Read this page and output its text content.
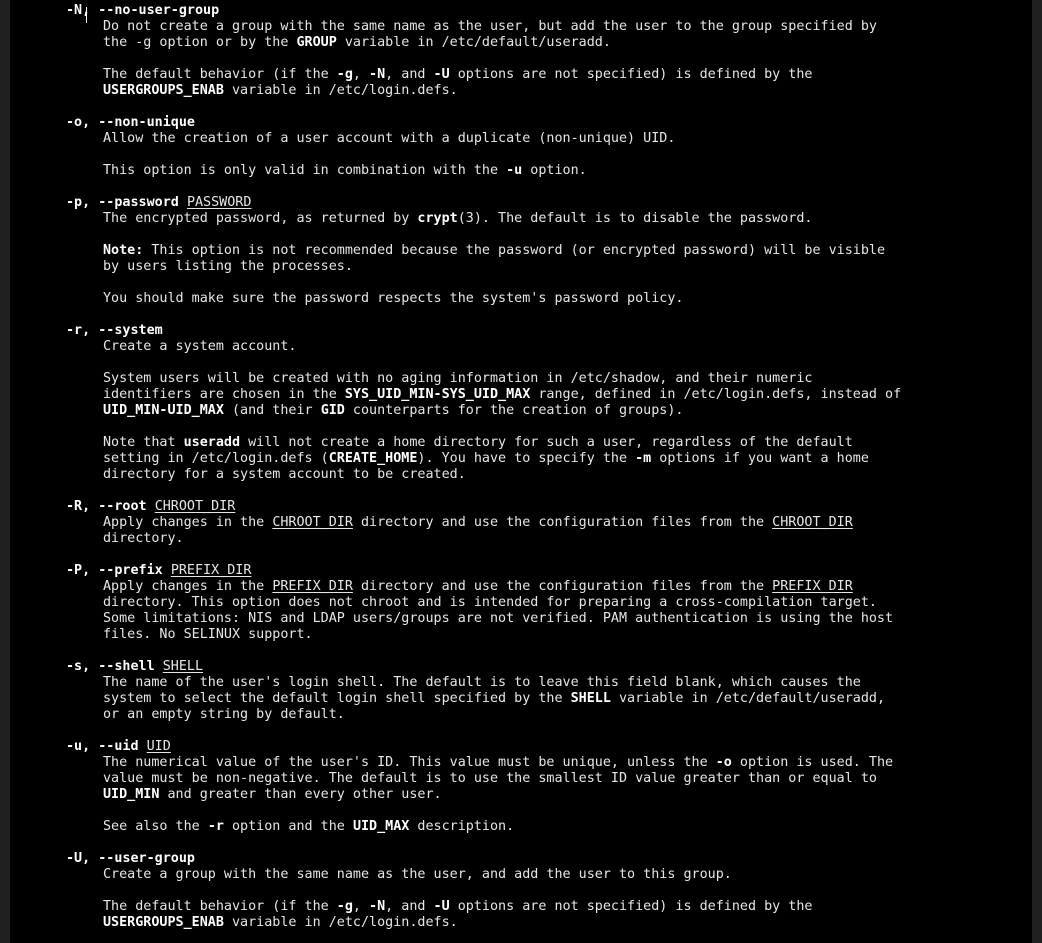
-N, --no-user-group
Do not create a group with the same name as the user, but add the user to the group specified by
the -g option or by the GROUP variable in /etc/default/useradd.
The default behavior (if the -g, -N, and -U options are not specified) is defined by the
USERGROUPS_ENAB variable in /etc/login.defs.
-o, --non-unique
Allow the creation of a user account with a duplicate (non-unique) UID.
This option is only valid in combination with the -u option.
-p, --password PASSWORD
The encrypted password, as returned by crypt(3). The default is to disable the password.
Note: This option is not recommended because the password (or encrypted password) will be visible
by users listing the processes.
You should make sure the password respects the system's password policy.
-r, --system
Create a system account.
System users will be created with no aging information in /etc/shadow, and their numeric
identifiers are chosen in the SYS_UID_MIN-SYS_UID_MAX range, defined in /etc/login.defs, instead of
UID_MIN-UID_MAX (and their GID counterparts for the creation of groups).
Note that useradd will not create a home directory for such a user, regardless of the default
setting in /etc/login.defs (CREATE_HOME). You have to specify the -m options if you want a home
directory for a system account to be created.
-R, --root CHROOT_DIR
Apply changes in the CHROOT_DIR directory and use the configuration files from the CHROOT_DIR
directory.
-P, --prefix PREFIX_DIR
Apply changes in the PREFIX_DIR directory and use the configuration files from the PREFIX_DIR
directory. This option does not chroot and is intended for preparing a cross-compilation target.
Some limitations: NIS and LDAP users/groups are not verified. PAM authentication is using the host
files. No SELINUX support.
-s, --shell SHELL
The name of the user's login shell. The default is to leave this field blank, which causes the
system to select the default login shell specified by the SHELL variable in /etc/default/useradd,
or an empty string by default.
-u, --uid UID
The numerical value of the user's ID. This value must be unique, unless the -o option is used. The
value must be non-negative. The default is to use the smallest ID value greater than or equal to
UID_MIN and greater than every other user.
See also the -r option and the UID_MAX description.
-U, --user-group
Create a group with the same name as the user, and add the user to this group.
The default behavior (if the -g, -N, and -U options are not specified) is defined by the
USERGROUPS_ENAB variable in /etc/login.defs.
